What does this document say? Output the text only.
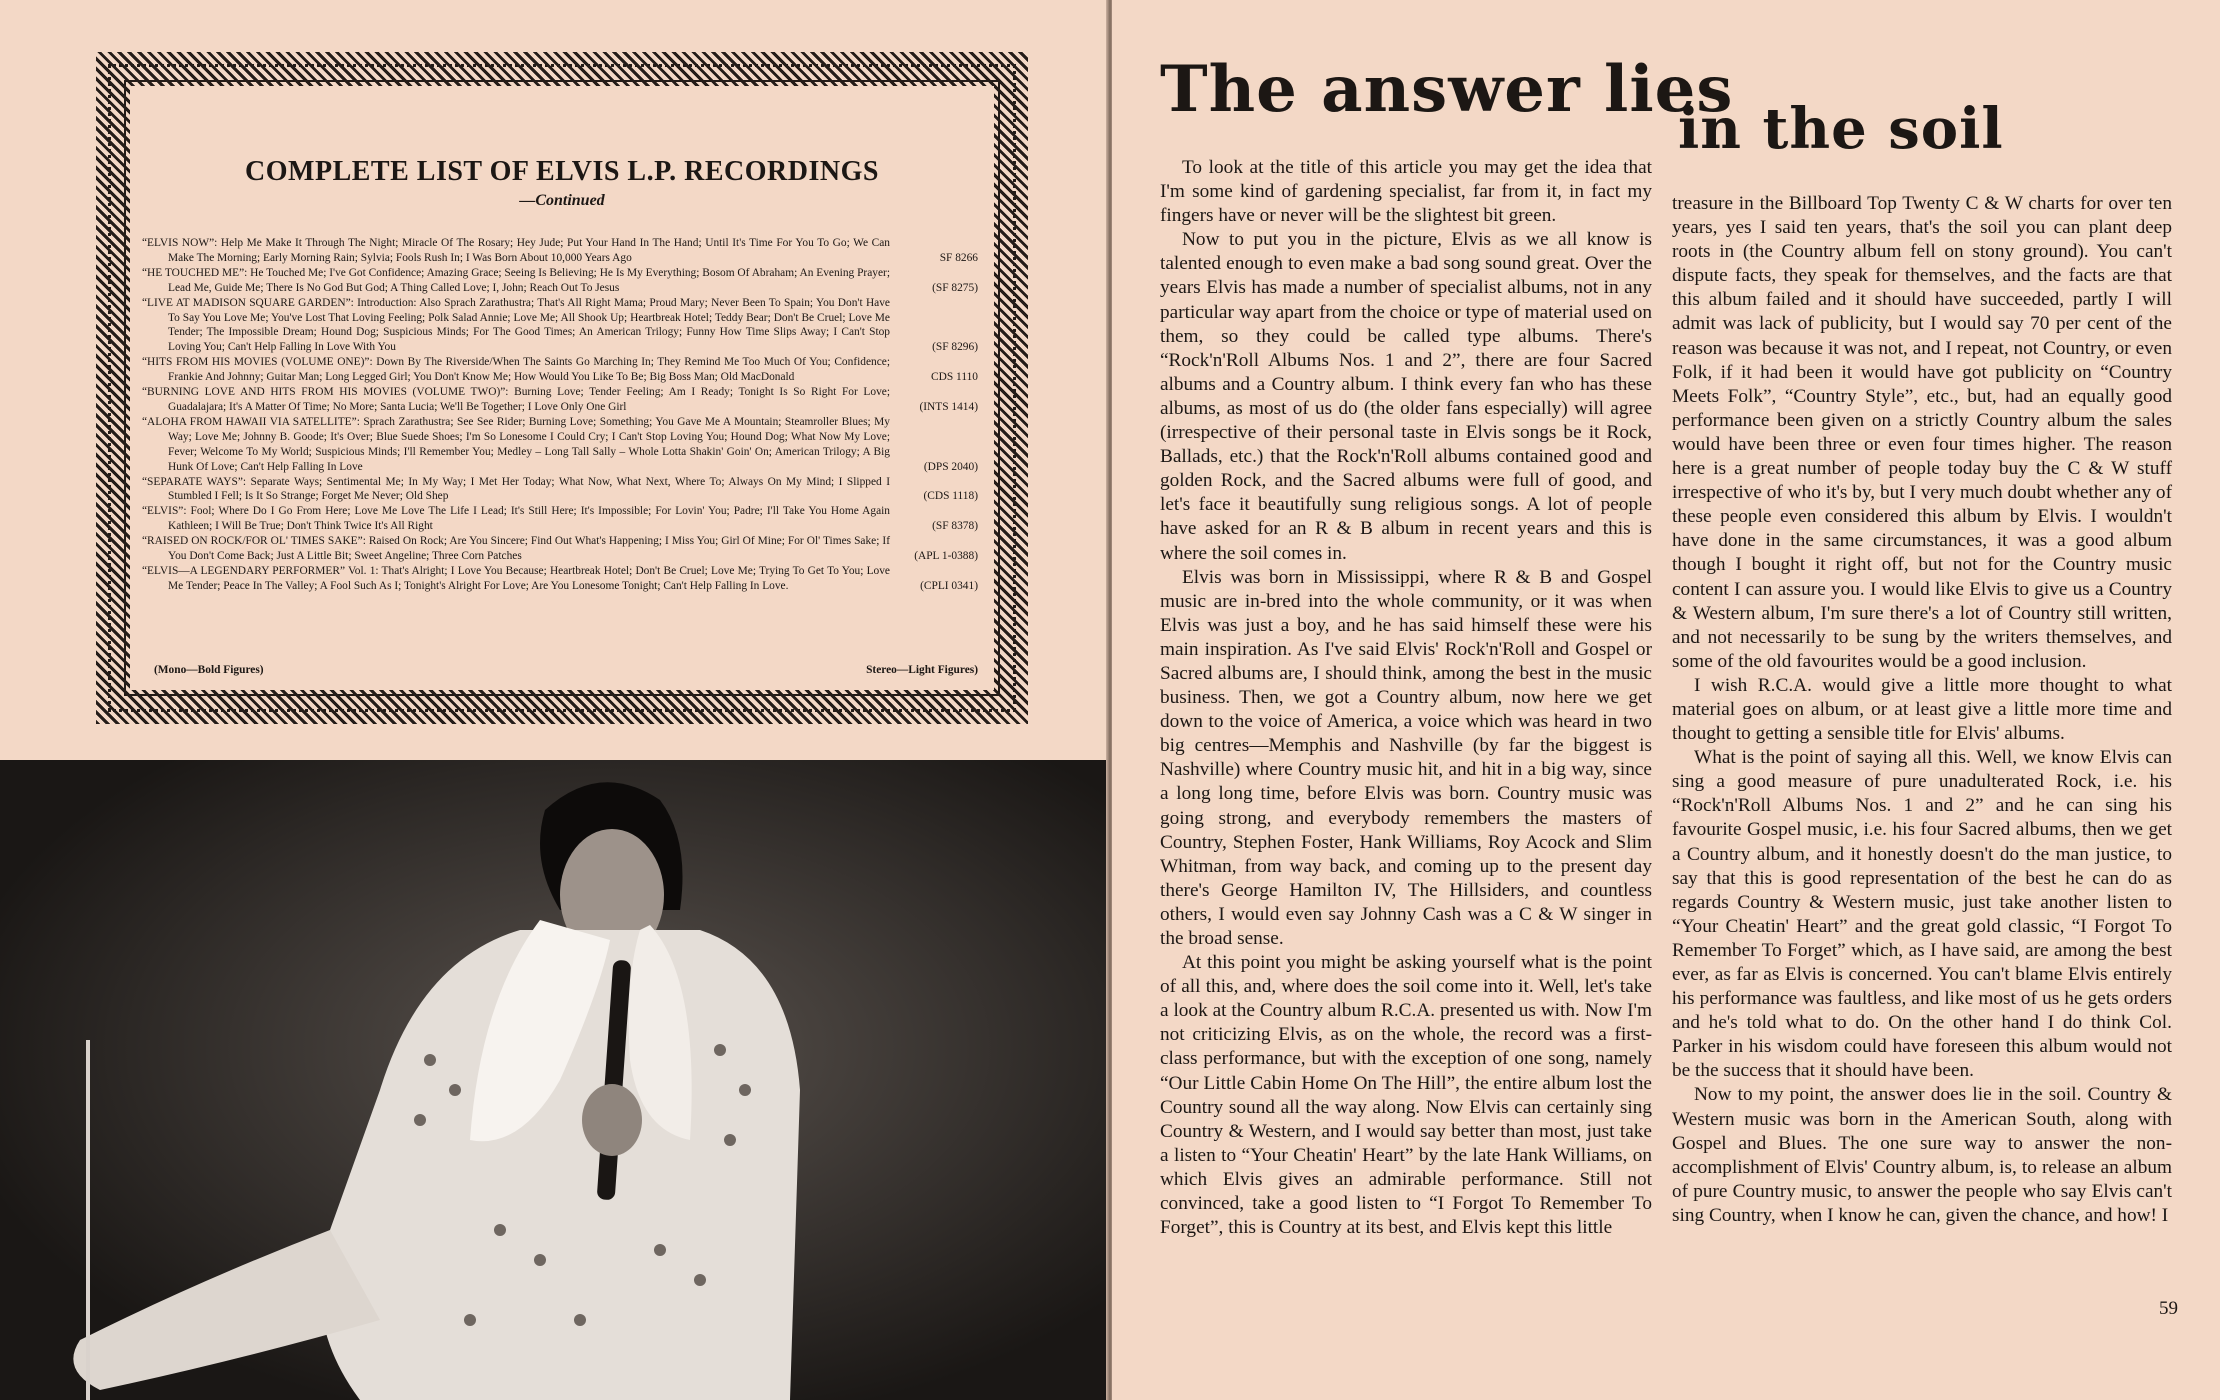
COMPLETE LIST OF ELVIS L.P. RECORDINGS
—Continued
“ELVIS NOW”: Help Me Make It Through The Night; Miracle Of The Rosary; Hey Jude; Put Your Hand In The Hand; Until It's Time For You To Go; We Can Make The Morning; Early Morning Rain; Sylvia; Fools Rush In; I Was Born About 10,000 Years Ago	SF 8266
“HE TOUCHED ME”: He Touched Me; I've Got Confidence; Amazing Grace; Seeing Is Believing; He Is My Everything; Bosom Of Abraham; An Evening Prayer; Lead Me, Guide Me; There Is No God But God; A Thing Called Love; I, John; Reach Out To Jesus	(SF 8275)
“LIVE AT MADISON SQUARE GARDEN”: Introduction: Also Sprach Zarathustra; That's All Right Mama; Proud Mary; Never Been To Spain; You Don't Have To Say You Love Me; You've Lost That Loving Feeling; Polk Salad Annie; Love Me; All Shook Up; Heartbreak Hotel; Teddy Bear; Don't Be Cruel; Love Me Tender; The Impossible Dream; Hound Dog; Suspicious Minds; For The Good Times; An American Trilogy; Funny How Time Slips Away; I Can't Stop Loving You; Can't Help Falling In Love With You	(SF 8296)
“HITS FROM HIS MOVIES (VOLUME ONE)”: Down By The Riverside/When The Saints Go Marching In; They Remind Me Too Much Of You; Confidence; Frankie And Johnny; Guitar Man; Long Legged Girl; You Don't Know Me; How Would You Like To Be; Big Boss Man; Old MacDonald	CDS 1110
“BURNING LOVE AND HITS FROM HIS MOVIES (VOLUME TWO)”: Burning Love; Tender Feeling; Am I Ready; Tonight Is So Right For Love; Guadalajara; It's A Matter Of Time; No More; Santa Lucia; We'll Be Together; I Love Only One Girl	(INTS 1414)
“ALOHA FROM HAWAII VIA SATELLITE”: Sprach Zarathustra; See See Rider; Burning Love; Something; You Gave Me A Mountain; Steamroller Blues; My Way; Love Me; Johnny B. Goode; It's Over; Blue Suede Shoes; I'm So Lonesome I Could Cry; I Can't Stop Loving You; Hound Dog; What Now My Love; Fever; Welcome To My World; Suspicious Minds; I'll Remember You; Medley – Long Tall Sally – Whole Lotta Shakin' Goin' On; American Trilogy; A Big Hunk Of Love; Can't Help Falling In Love	(DPS 2040)
“SEPARATE WAYS”: Separate Ways; Sentimental Me; In My Way; I Met Her Today; What Now, What Next, Where To; Always On My Mind; I Slipped I Stumbled I Fell; Is It So Strange; Forget Me Never; Old Shep	(CDS 1118)
“ELVIS”: Fool; Where Do I Go From Here; Love Me Love The Life I Lead; It's Still Here; It's Impossible; For Lovin' You; Padre; I'll Take You Home Again Kathleen; I Will Be True; Don't Think Twice It's All Right	(SF 8378)
“RAISED ON ROCK/FOR OL' TIMES SAKE”: Raised On Rock; Are You Sincere; Find Out What's Happening; I Miss You; Girl Of Mine; For Ol' Times Sake; If You Don't Come Back; Just A Little Bit; Sweet Angeline; Three Corn Patches	(APL 1-0388)
“ELVIS—A LEGENDARY PERFORMER” Vol. 1: That's Alright; I Love You Because; Heartbreak Hotel; Don't Be Cruel; Love Me; Trying To Get To You; Love Me Tender; Peace In The Valley; A Fool Such As I; Tonight's Alright For Love; Are You Lonesome Tonight; Can't Help Falling In Love.	(CPLI 0341)
(Mono—Bold Figures)	Stereo—Light Figures)
The answer lies
in the soil

To look at the title of this article you may get the idea that I'm some kind of gardening specialist, far from it, in fact my fingers have or never will be the slightest bit green.

Now to put you in the picture, Elvis as we all know is talented enough to even make a bad song sound great. Over the years Elvis has made a number of specialist albums, not in any particular way apart from the choice or type of material used on them, so they could be called type albums. There's “Rock'n'Roll Albums Nos. 1 and 2”, there are four Sacred albums and a Country album. I think every fan who has these albums, as most of us do (the older fans especially) will agree (irrespective of their personal taste in Elvis songs be it Rock, Ballads, etc.) that the Rock'n'Roll albums contained good and golden Rock, and the Sacred albums were full of good, and let's face it beautifully sung religious songs. A lot of people have asked for an R & B album in recent years and this is where the soil comes in.

Elvis was born in Mississippi, where R & B and Gospel music are in-bred into the whole community, or it was when Elvis was just a boy, and he has said himself these were his main inspiration. As I've said Elvis' Rock'n'Roll and Gospel or Sacred albums are, I should think, among the best in the music business. Then, we got a Country album, now here we get down to the voice of America, a voice which was heard in two big centres—Memphis and Nashville (by far the biggest is Nashville) where Country music hit, and hit in a big way, since a long long time, before Elvis was born. Country music was going strong, and everybody remembers the masters of Country, Stephen Foster, Hank Williams, Roy Acock and Slim Whitman, from way back, and coming up to the present day there's George Hamilton IV, The Hillsiders, and countless others, I would even say Johnny Cash was a C & W singer in the broad sense.

At this point you might be asking yourself what is the point of all this, and, where does the soil come into it. Well, let's take a look at the Country album R.C.A. presented us with. Now I'm not criticizing Elvis, as on the whole, the record was a first-class performance, but with the exception of one song, namely “Our Little Cabin Home On The Hill”, the entire album lost the Country sound all the way along. Now Elvis can certainly sing Country & Western, and I would say better than most, just take a listen to “Your Cheatin' Heart” by the late Hank Williams, on which Elvis gives an admirable performance. Still not convinced, take a good listen to “I Forgot To Remember To Forget”, this is Country at its best, and Elvis kept this little

treasure in the Billboard Top Twenty C & W charts for over ten years, yes I said ten years, that's the soil you can plant deep roots in (the Country album fell on stony ground). You can't dispute facts, they speak for themselves, and the facts are that this album failed and it should have succeeded, partly I will admit was lack of publicity, but I would say 70 per cent of the reason was because it was not, and I repeat, not Country, or even Folk, if it had been it would have got publicity on “Country Meets Folk”, “Country Style”, etc., but, had an equally good performance been given on a strictly Country album the sales would have been three or even four times higher. The reason here is a great number of people today buy the C & W stuff irrespective of who it's by, but I very much doubt whether any of these people even considered this album by Elvis. I wouldn't have done in the same circumstances, it was a good album though I bought it right off, but not for the Country music content I can assure you. I would like Elvis to give us a Country & Western album, I'm sure there's a lot of Country still written, and not necessarily to be sung by the writers themselves, and some of the old favourites would be a good inclusion.

I wish R.C.A. would give a little more thought to what material goes on album, or at least give a little more time and thought to getting a sensible title for Elvis' albums.

What is the point of saying all this. Well, we know Elvis can sing a good measure of pure unadulterated Rock, i.e. his “Rock'n'Roll Albums Nos. 1 and 2” and he can sing his favourite Gospel music, i.e. his four Sacred albums, then we get a Country album, and it honestly doesn't do the man justice, to say that this is good representation of the best he can do as regards Country & Western music, just take another listen to “Your Cheatin' Heart” and the great gold classic, “I Forgot To Remember To Forget” which, as I have said, are among the best ever, as far as Elvis is concerned. You can't blame Elvis entirely his performance was faultless, and like most of us he gets orders and he's told what to do. On the other hand I do think Col. Parker in his wisdom could have foreseen this album would not be the success that it should have been.

Now to my point, the answer does lie in the soil. Country & Western music was born in the American South, along with Gospel and Blues. The one sure way to answer the non-accomplishment of Elvis' Country album, is, to release an album of pure Country music, to answer the people who say Elvis can't sing Country, when I know he can, given the chance, and how! I

59
